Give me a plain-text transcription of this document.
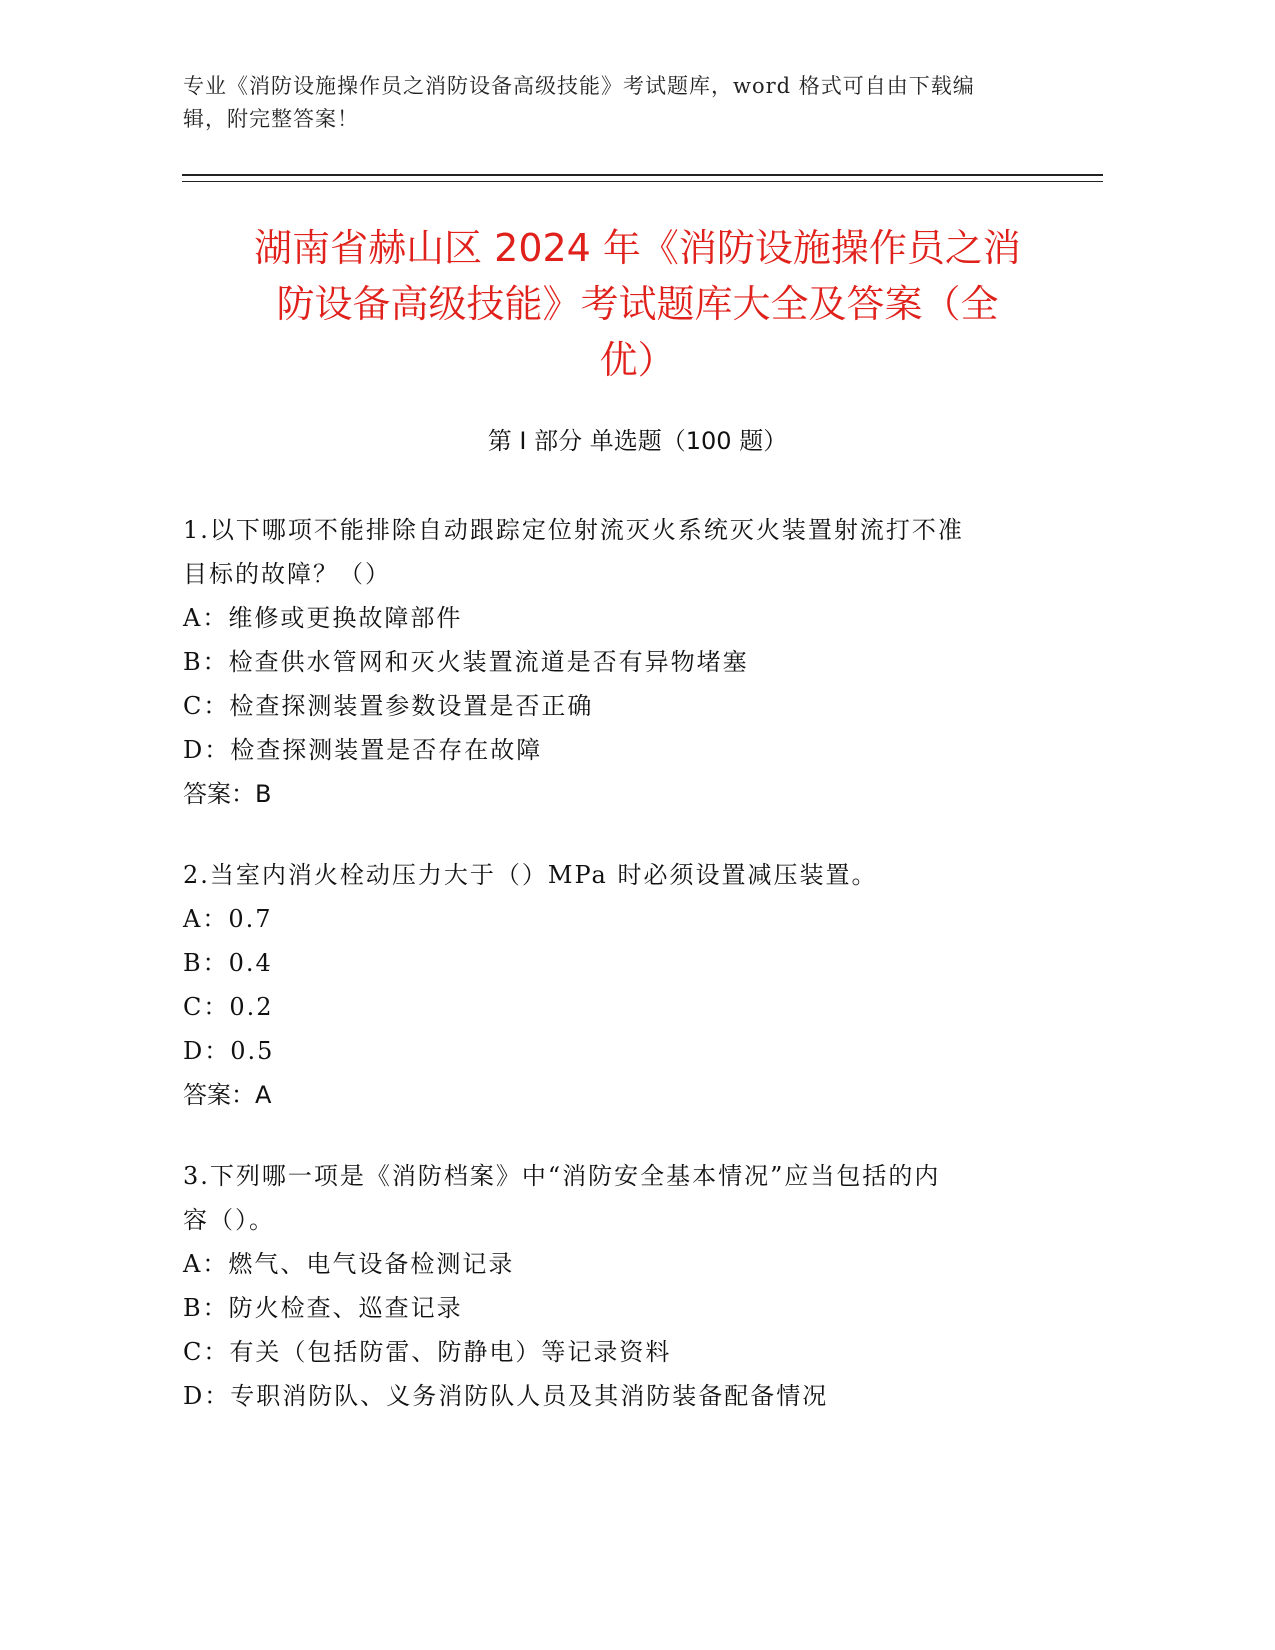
专业《消防设施操作员之消防设备高级技能》考试题库，word 格式可自由下载编
辑，附完整答案！
湖南省赫山区 2024 年《消防设施操作员之消
防设备高级技能》考试题库大全及答案（全
优）
第 I 部分 单选题（100 题）

1.以下哪项不能排除自动跟踪定位射流灭火系统灭火装置射流打不准

目标的故障？（）

A：维修或更换故障部件

B：检查供水管网和灭火装置流道是否有异物堵塞

C：检查探测装置参数设置是否正确

D：检查探测装置是否存在故障

答案：B

2.当室内消火栓动压力大于（）MPa 时必须设置减压装置。

A：0.7

B：0.4

C：0.2

D：0.5

答案：A

3.下列哪一项是《消防档案》中“消防安全基本情况”应当包括的内

容（）。

A：燃气、电气设备检测记录

B：防火检查、巡查记录

C：有关（包括防雷、防静电）等记录资料

D：专职消防队、义务消防队人员及其消防装备配备情况
